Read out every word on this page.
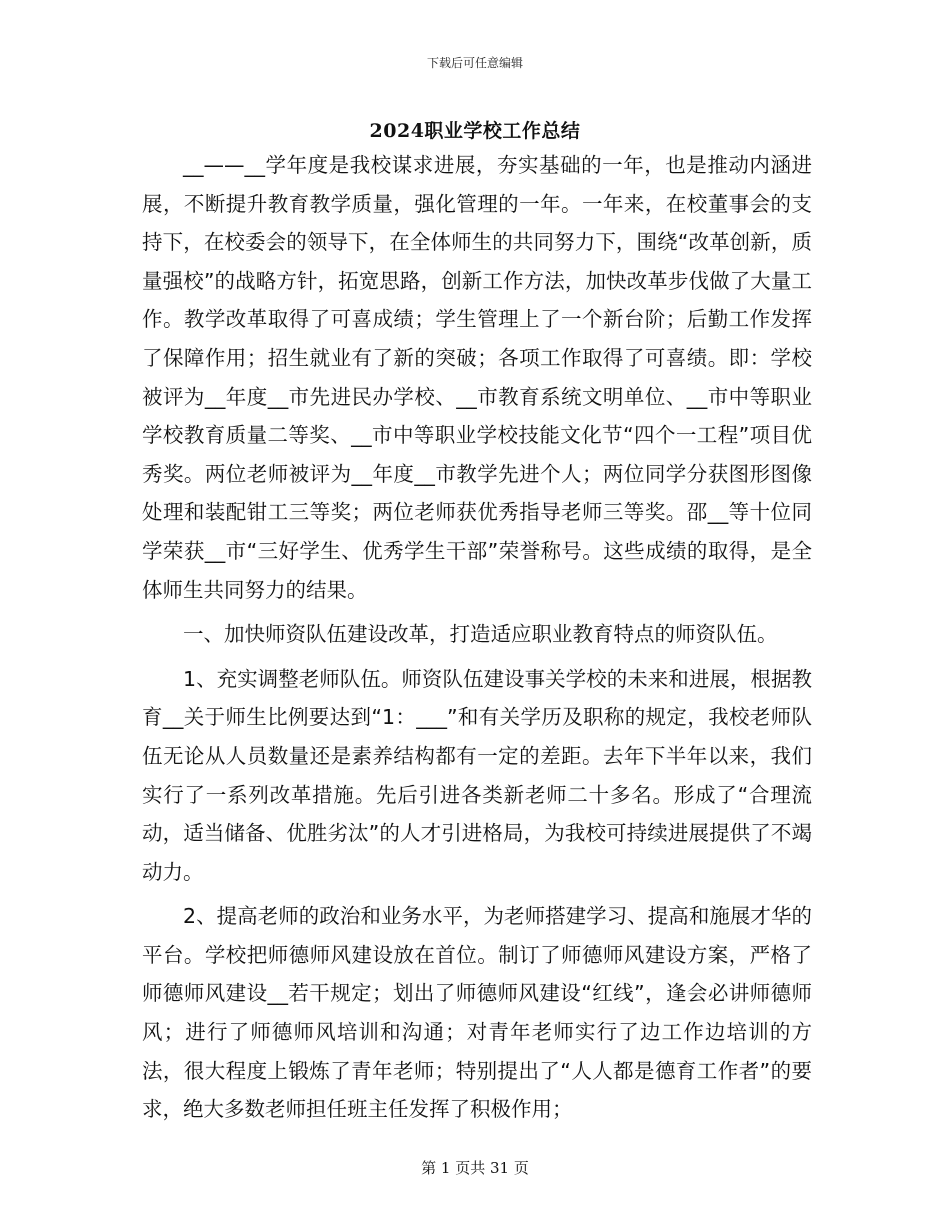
下载后可任意编辑
2024职业学校工作总结

__——__学年度是我校谋求进展，夯实基础的一年，也是推动内涵进展，不断提升教育教学质量，强化管理的一年。一年来，在校董事会的支持下，在校委会的领导下，在全体师生的共同努力下，围绕“改革创新，质量强校”的战略方针，拓宽思路，创新工作方法，加快改革步伐做了大量工作。教学改革取得了可喜成绩；学生管理上了一个新台阶；后勤工作发挥了保障作用；招生就业有了新的突破；各项工作取得了可喜绩。即：学校被评为__年度__市先进民办学校、__市教育系统文明单位、__市中等职业学校教育质量二等奖、__市中等职业学校技能文化节“四个一工程”项目优秀奖。两位老师被评为__年度__市教学先进个人；两位同学分获图形图像处理和装配钳工三等奖；两位老师获优秀指导老师三等奖。邵__等十位同学荣获__市“三好学生、优秀学生干部”荣誉称号。这些成绩的取得，是全体师生共同努力的结果。

一、加快师资队伍建设改革，打造适应职业教育特点的师资队伍。

1、充实调整老师队伍。师资队伍建设事关学校的未来和进展，根据教育__关于师生比例要达到“1：___”和有关学历及职称的规定，我校老师队伍无论从人员数量还是素养结构都有一定的差距。去年下半年以来，我们实行了一系列改革措施。先后引进各类新老师二十多名。形成了“合理流动，适当储备、优胜劣汰”的人才引进格局，为我校可持续进展提供了不竭动力。

2、提高老师的政治和业务水平，为老师搭建学习、提高和施展才华的平台。学校把师德师风建设放在首位。制订了师德师风建设方案，严格了师德师风建设__若干规定；划出了师德师风建设“红线”，逢会必讲师德师风；进行了师德师风培训和沟通；对青年老师实行了边工作边培训的方法，很大程度上锻炼了青年老师；特别提出了“人人都是德育工作者”的要求，绝大多数老师担任班主任发挥了积极作用；

第 1 页共 31 页
